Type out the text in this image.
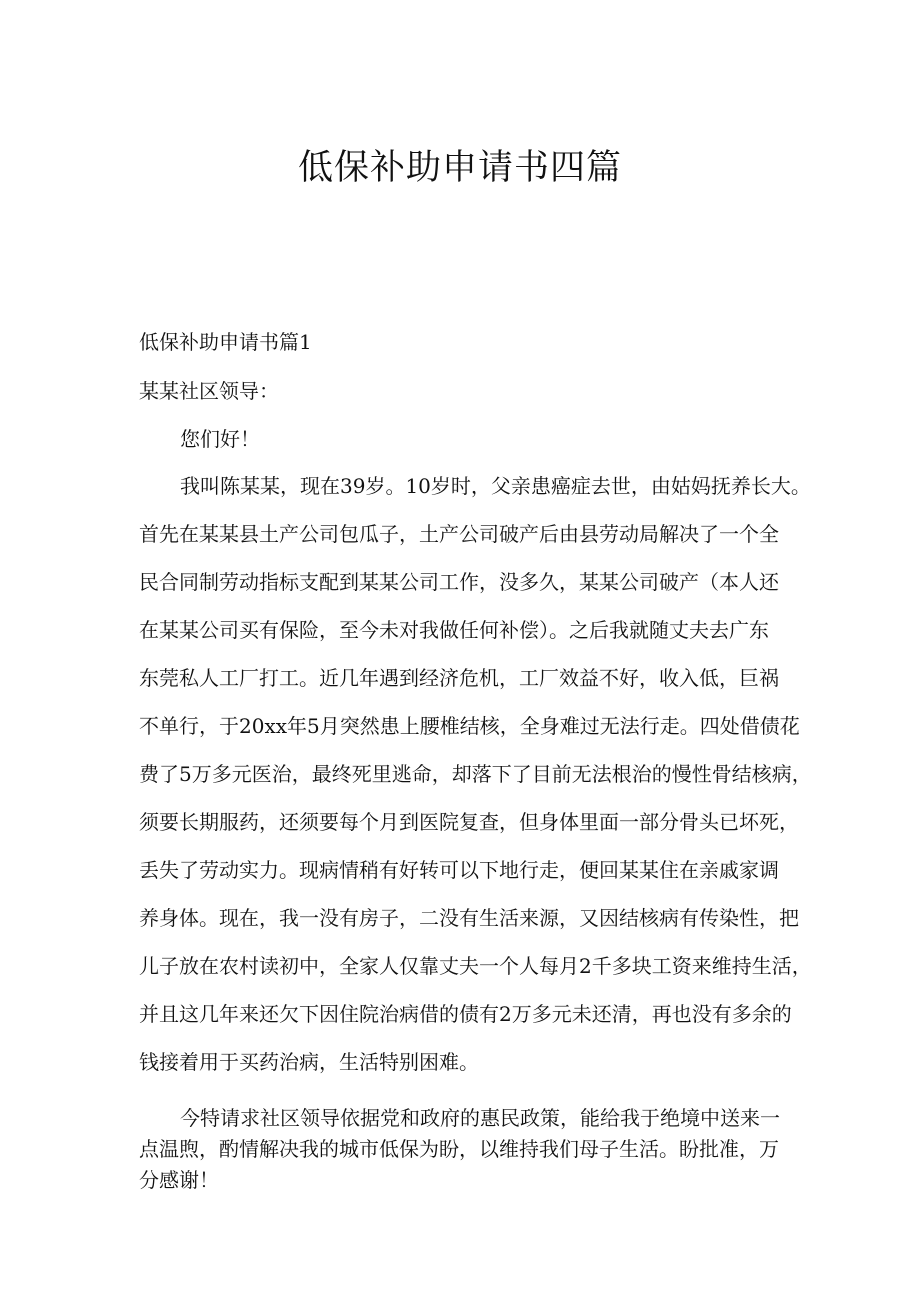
低保补助申请书四篇
低保补助申请书篇1
某某社区领导：
您们好！

我叫陈某某，现在39岁。10岁时，父亲患癌症去世，由姑妈抚养长大。

首先在某某县土产公司包瓜子，土产公司破产后由县劳动局解决了一个全

民合同制劳动指标支配到某某公司工作，没多久，某某公司破产（本人还

在某某公司买有保险，至今未对我做任何补偿）。之后我就随丈夫去广东

东莞私人工厂打工。近几年遇到经济危机，工厂效益不好，收入低，巨祸

不单行，于20xx年5月突然患上腰椎结核，全身难过无法行走。四处借债花

费了5万多元医治，最终死里逃命，却落下了目前无法根治的慢性骨结核病，

须要长期服药，还须要每个月到医院复查，但身体里面一部分骨头已坏死，

丢失了劳动实力。现病情稍有好转可以下地行走，便回某某住在亲戚家调

养身体。现在，我一没有房子，二没有生活来源，又因结核病有传染性，把

儿子放在农村读初中，全家人仅靠丈夫一个人每月2千多块工资来维持生活，

并且这几年来还欠下因住院治病借的债有2万多元未还清，再也没有多余的

钱接着用于买药治病，生活特别困难。

今特请求社区领导依据党和政府的惠民政策，能给我于绝境中送来一

点温煦，酌情解决我的城市低保为盼，以维持我们母子生活。盼批准，万

分感谢！
